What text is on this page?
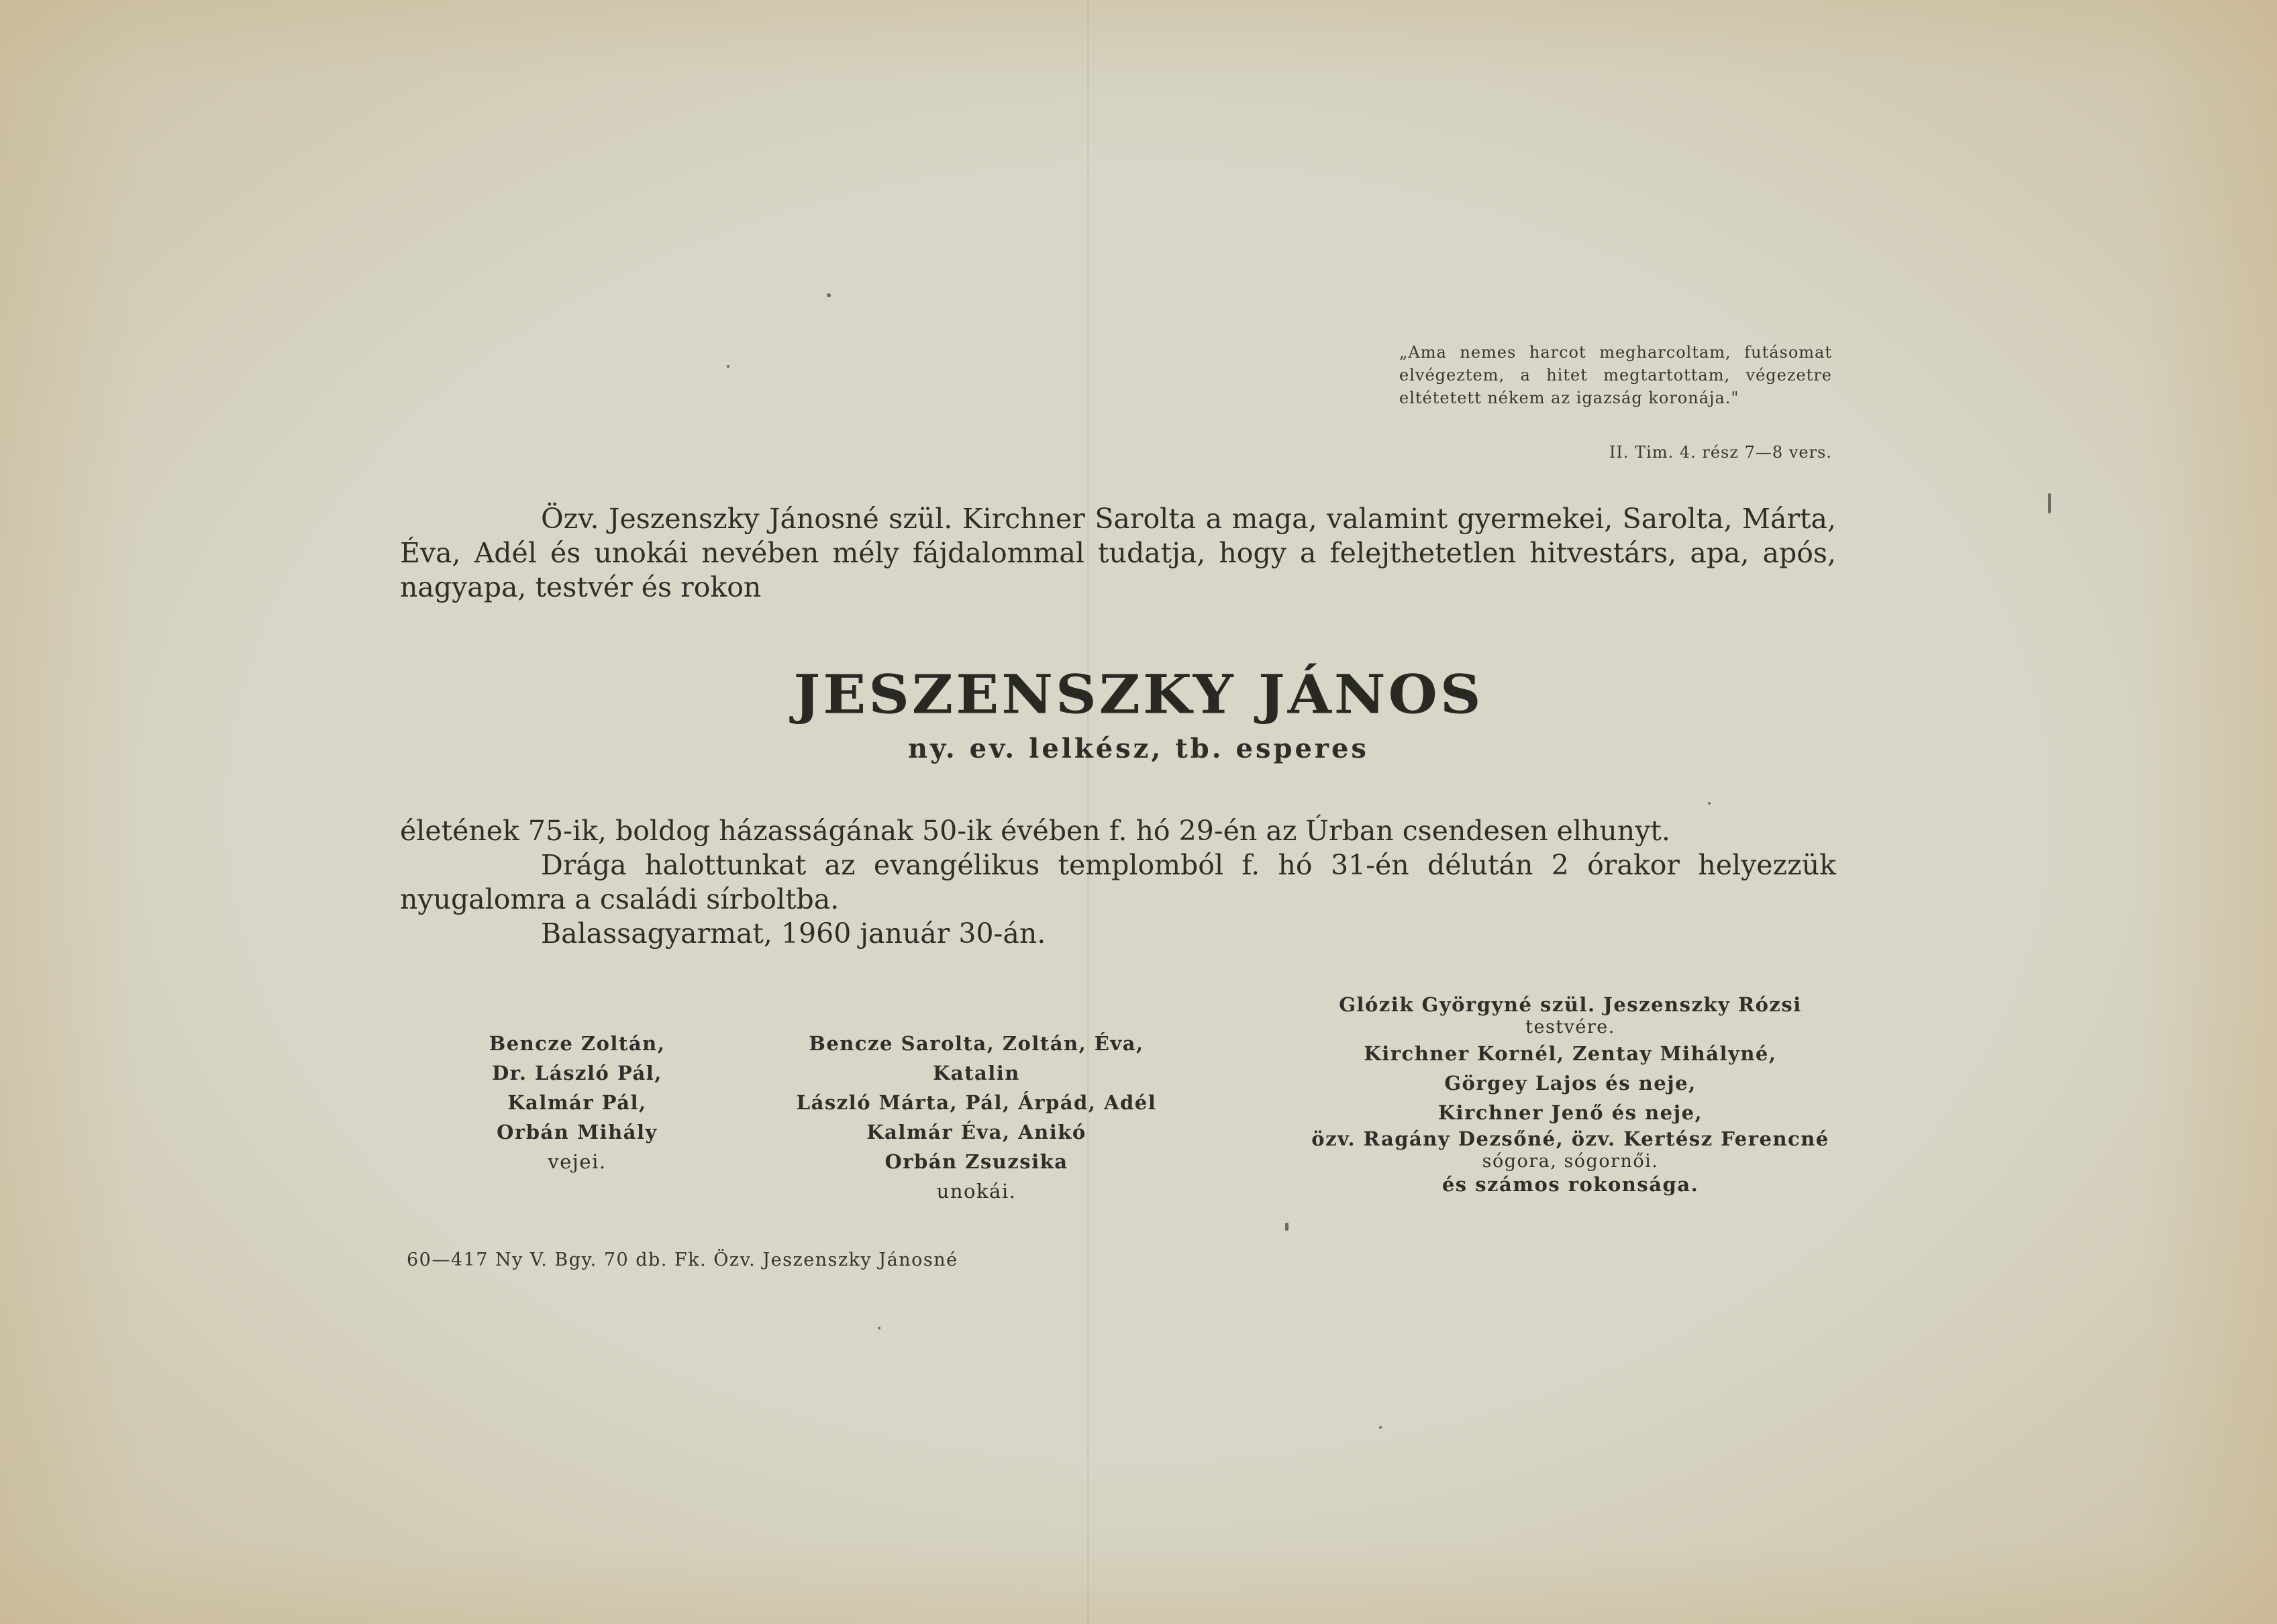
„Ama nemes harcot megharcoltam, futásomat elvégeztem, a hitet megtartottam, végezetre eltétetett nékem az igazság koronája."
II. Tim. 4. rész 7—8 vers.
Özv. Jeszenszky Jánosné szül. Kirchner Sarolta a maga, valamint gyermekei, Sarolta, Márta, Éva, Adél és unokái nevében mély fájdalommal tudatja, hogy a felejthetetlen hitvestárs, apa, após, nagyapa, testvér és rokon
JESZENSZKY JÁNOS
ny. ev. lelkész, tb. esperes
életének 75-ik, boldog házasságának 50-ik évében f. hó 29-én az Úrban csendesen elhunyt.
Drága halottunkat az evangélikus templomból f. hó 31-én délután 2 órakor helyezzük nyugalomra a családi sírboltba.
Balassagyarmat, 1960 január 30-án.
Bencze Zoltán,
Dr. László Pál,
Kalmár Pál,
Orbán Mihály
vejei.
Bencze Sarolta, Zoltán, Éva,
Katalin
László Márta, Pál, Árpád, Adél
Kalmár Éva, Anikó
Orbán Zsuzsika
unokái.
Glózik Györgyné szül. Jeszenszky Rózsi
testvére.
Kirchner Kornél, Zentay Mihályné,
Görgey Lajos és neje,
Kirchner Jenő és neje,
özv. Ragány Dezsőné, özv. Kertész Ferencné
sógora, sógornői.
és számos rokonsága.
60—417 Ny V. Bgy. 70 db. Fk. Özv. Jeszenszky Jánosné
